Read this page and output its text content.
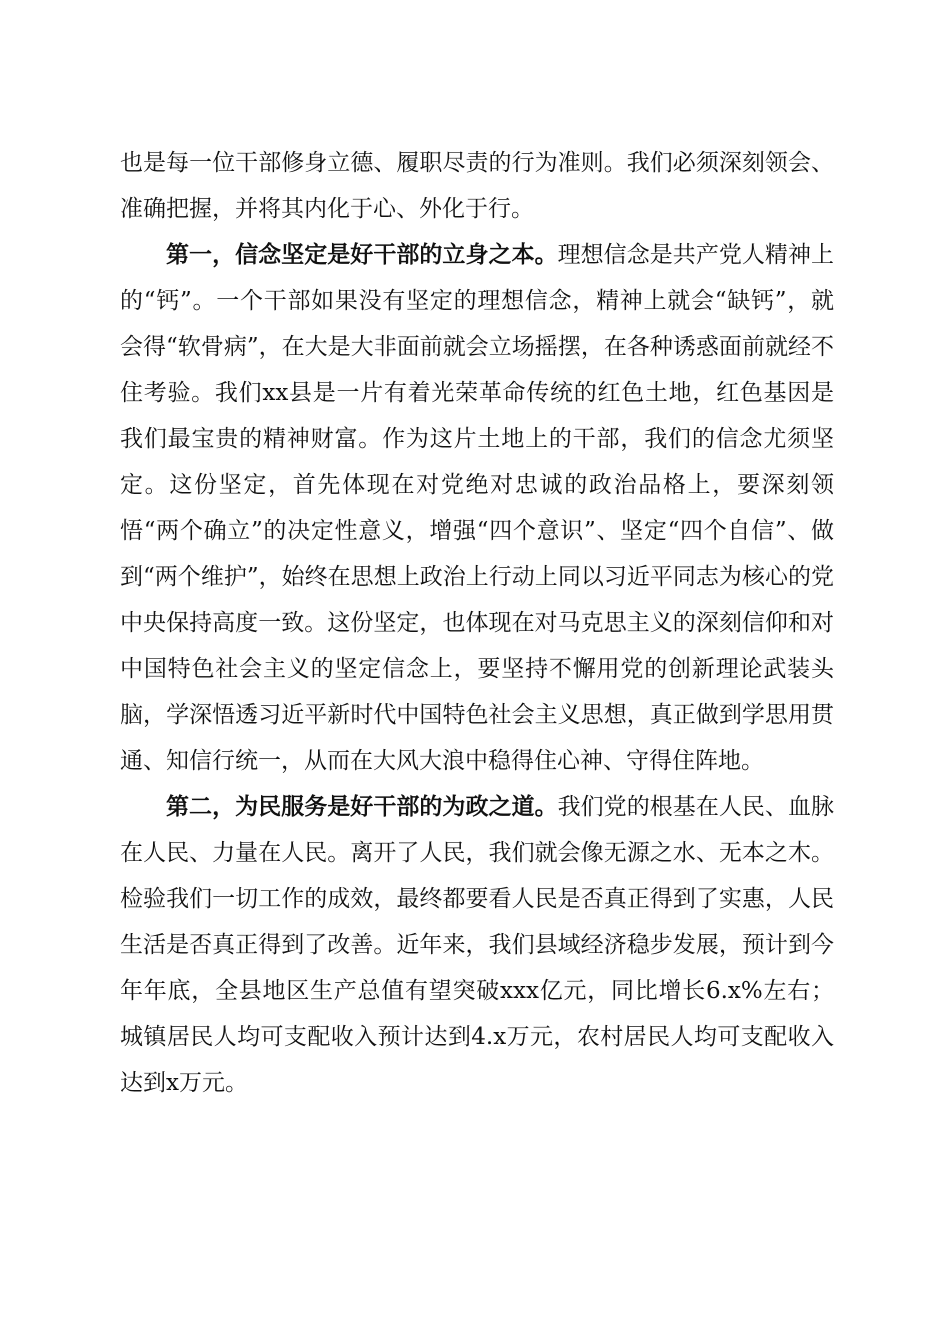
也是每一位干部修身立德、履职尽责的行为准则。我们必须深刻领会、准确把握，并将其内化于心、外化于行。

第一，信念坚定是好干部的立身之本。理想信念是共产党人精神上的“钙”。一个干部如果没有坚定的理想信念，精神上就会“缺钙”，就会得“软骨病”，在大是大非面前就会立场摇摆，在各种诱惑面前就经不住考验。我们xx县是一片有着光荣革命传统的红色土地，红色基因是我们最宝贵的精神财富。作为这片土地上的干部，我们的信念尤须坚定。这份坚定，首先体现在对党绝对忠诚的政治品格上，要深刻领悟“两个确立”的决定性意义，增强“四个意识”、坚定“四个自信”、做到“两个维护”，始终在思想上政治上行动上同以习近平同志为核心的党中央保持高度一致。这份坚定，也体现在对马克思主义的深刻信仰和对中国特色社会主义的坚定信念上，要坚持不懈用党的创新理论武装头脑，学深悟透习近平新时代中国特色社会主义思想，真正做到学思用贯通、知信行统一，从而在大风大浪中稳得住心神、守得住阵地。

第二，为民服务是好干部的为政之道。我们党的根基在人民、血脉在人民、力量在人民。离开了人民，我们就会像无源之水、无本之木。检验我们一切工作的成效，最终都要看人民是否真正得到了实惠，人民生活是否真正得到了改善。近年来，我们县域经济稳步发展，预计到今年年底，全县地区生产总值有望突破xxx亿元，同比增长6.x%左右；城镇居民人均可支配收入预计达到4.x万元，农村居民人均可支配收入达到x万元。
